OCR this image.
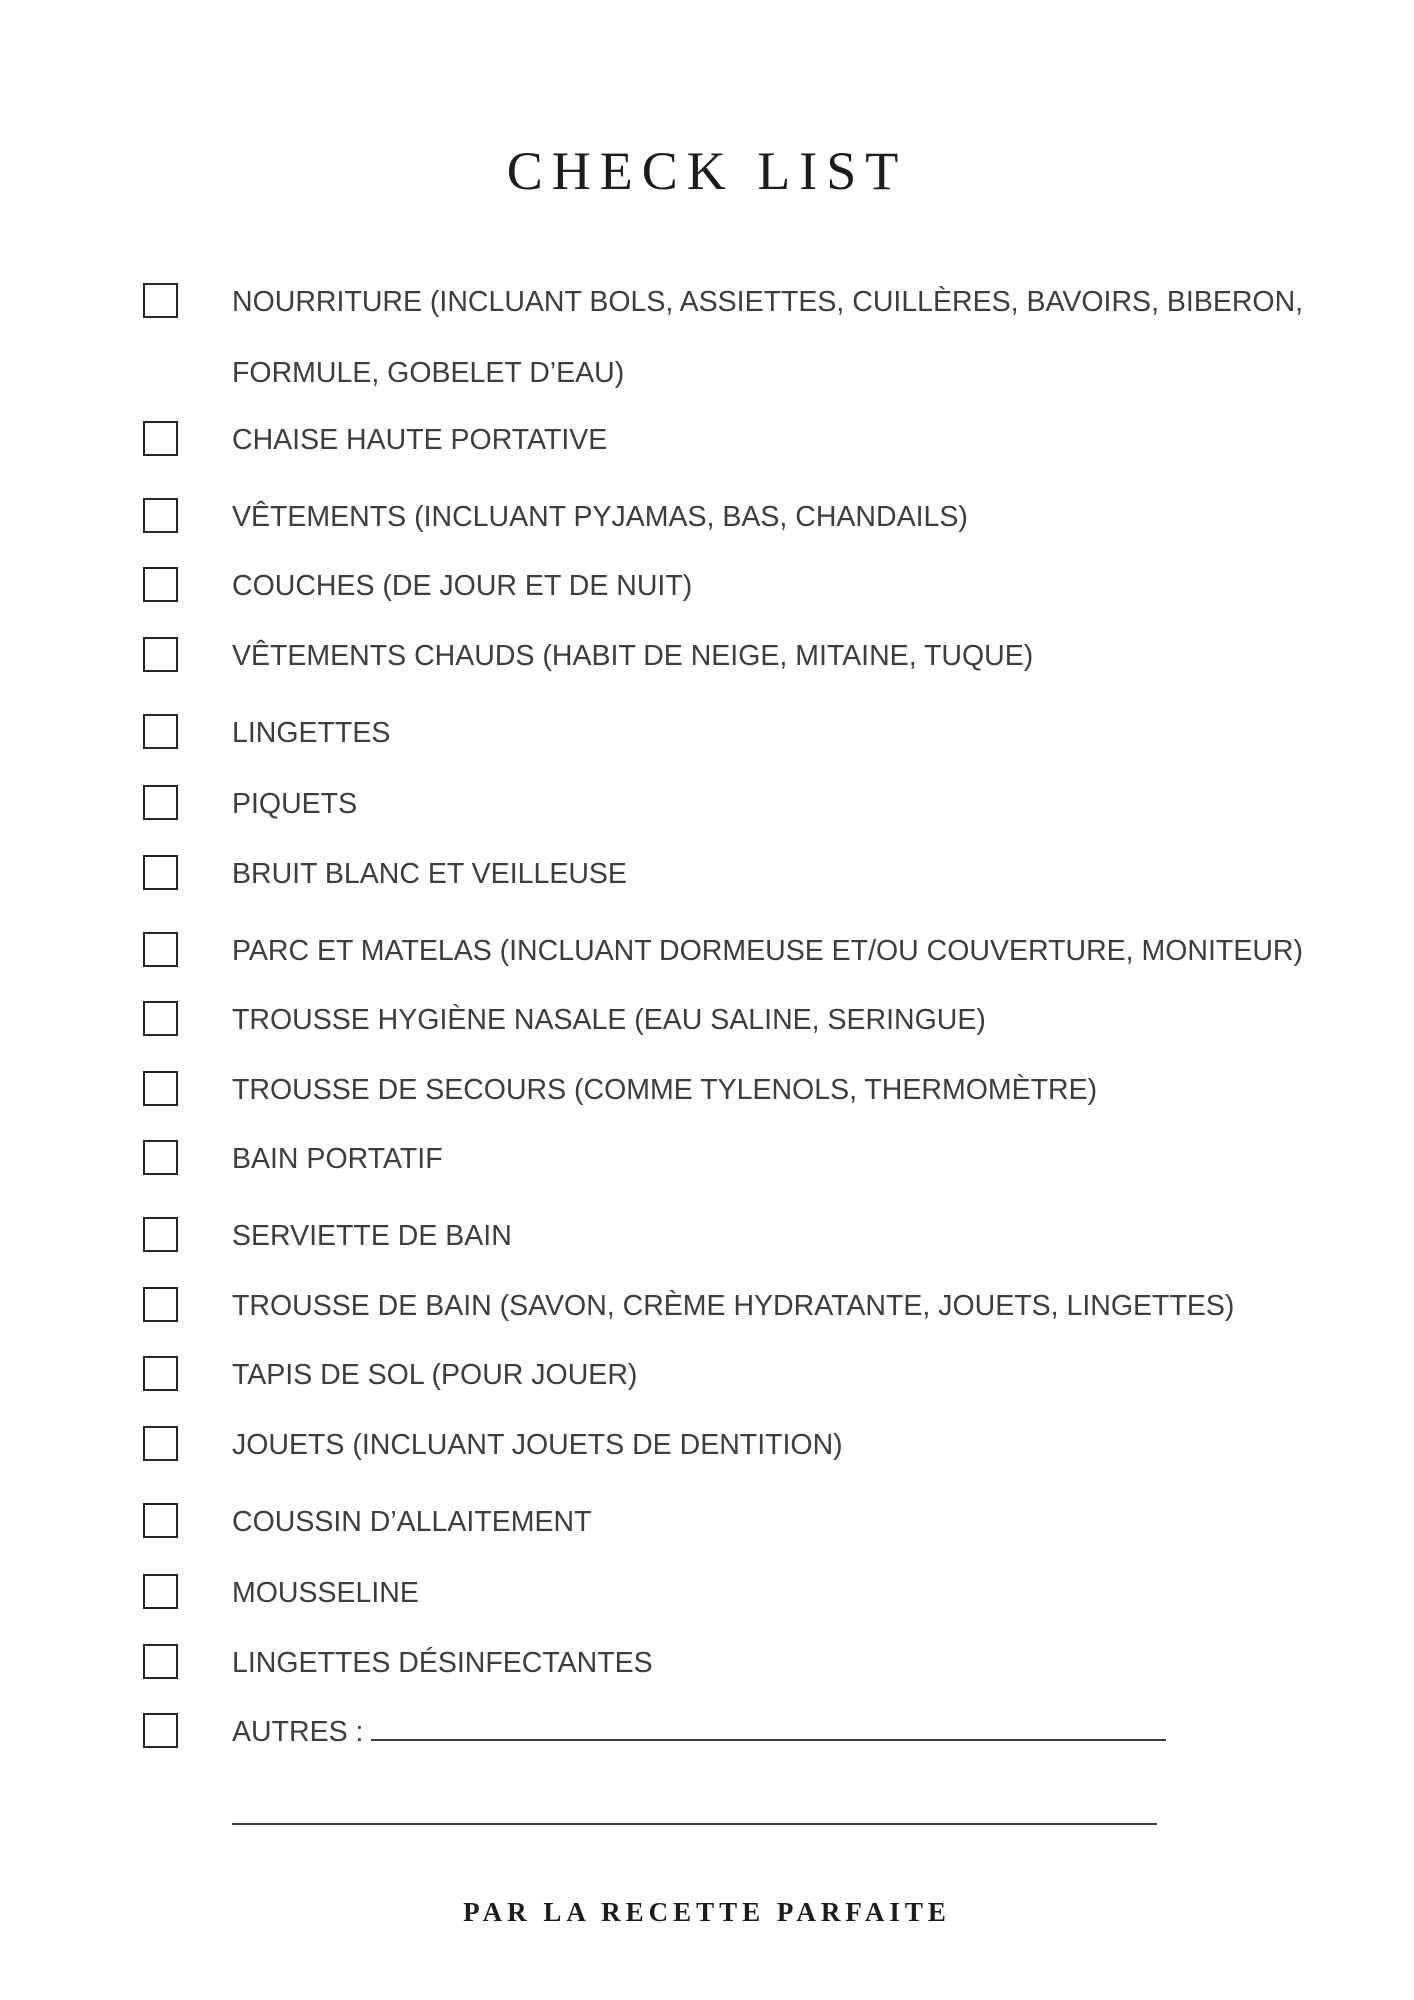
CHECK LIST
NOURRITURE (INCLUANT BOLS, ASSIETTES, CUILLÈRES, BAVOIRS, BIBERON,
FORMULE, GOBELET D’EAU)
CHAISE HAUTE PORTATIVE
VÊTEMENTS (INCLUANT PYJAMAS, BAS, CHANDAILS)
COUCHES (DE JOUR ET DE NUIT)
VÊTEMENTS CHAUDS (HABIT DE NEIGE, MITAINE, TUQUE)
LINGETTES
PIQUETS
BRUIT BLANC ET VEILLEUSE
PARC ET MATELAS (INCLUANT DORMEUSE ET/OU COUVERTURE, MONITEUR)
TROUSSE HYGIÈNE NASALE (EAU SALINE, SERINGUE)
TROUSSE DE SECOURS (COMME TYLENOLS, THERMOMÈTRE)
BAIN PORTATIF
SERVIETTE DE BAIN
TROUSSE DE BAIN (SAVON, CRÈME HYDRATANTE, JOUETS, LINGETTES)
TAPIS DE SOL (POUR JOUER)
JOUETS (INCLUANT JOUETS DE DENTITION)
COUSSIN D’ALLAITEMENT
MOUSSELINE
LINGETTES DÉSINFECTANTES
AUTRES :
PAR LA RECETTE PARFAITE
